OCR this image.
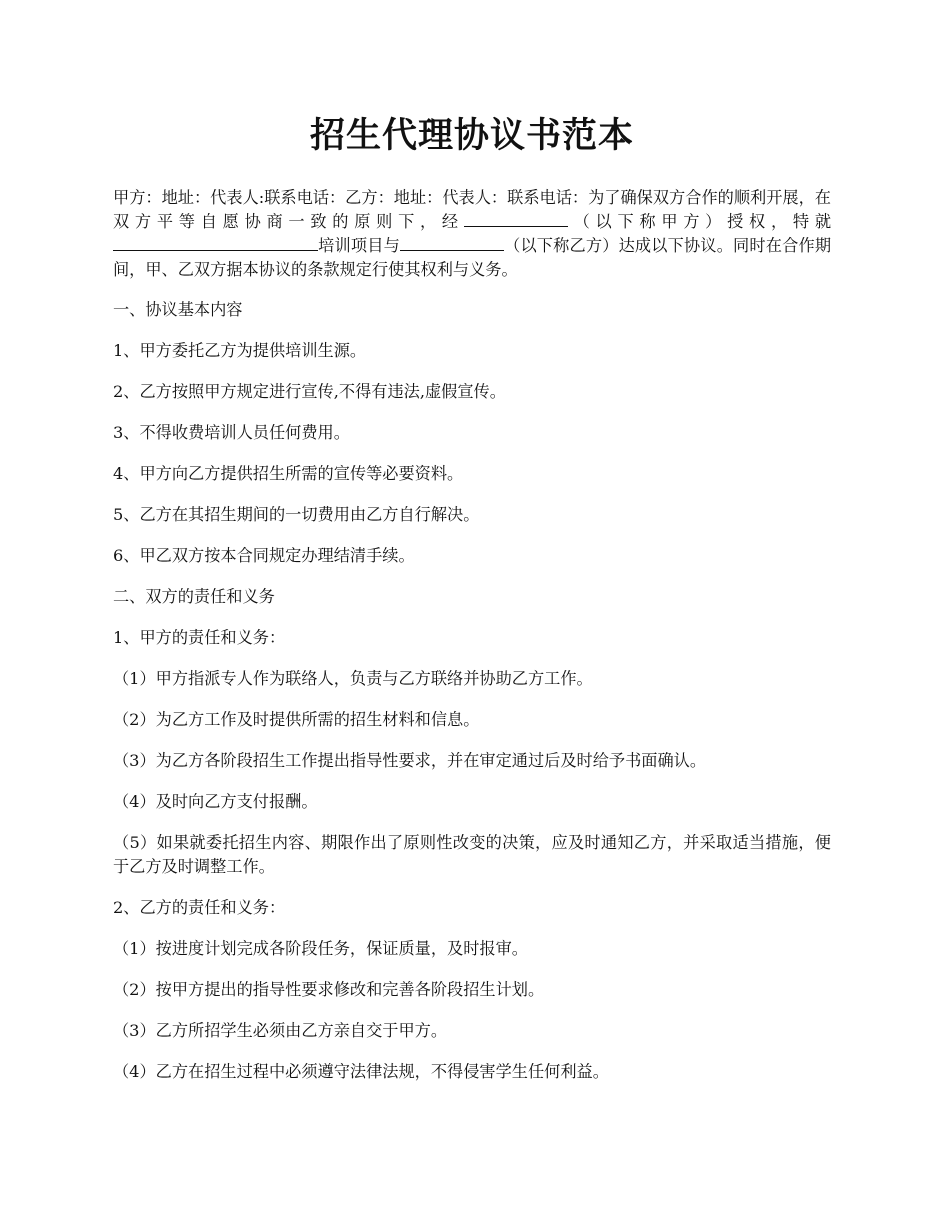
招生代理协议书范本

甲方：地址：代表人:联系电话：乙方：地址：代表人：联系电话：为了确保双方合作的顺利开展，在双方平等自愿协商一致的原则下，经	（以下称甲方）授权，特就培训项目与	（以下称乙方）达成以下协议。同时在合作期间，甲、乙双方据本协议的条款规定行使其权利与义务。

一、协议基本内容

1、甲方委托乙方为提供培训生源。

2、乙方按照甲方规定进行宣传,不得有违法,虚假宣传。

3、不得收费培训人员任何费用。

4、甲方向乙方提供招生所需的宣传等必要资料。

5、乙方在其招生期间的一切费用由乙方自行解决。

6、甲乙双方按本合同规定办理结清手续。

二、双方的责任和义务

1、甲方的责任和义务：

（1）甲方指派专人作为联络人，负责与乙方联络并协助乙方工作。

（2）为乙方工作及时提供所需的招生材料和信息。

（3）为乙方各阶段招生工作提出指导性要求，并在审定通过后及时给予书面确认。

（4）及时向乙方支付报酬。

（5）如果就委托招生内容、期限作出了原则性改变的决策，应及时通知乙方，并采取适当措施，便于乙方及时调整工作。

2、乙方的责任和义务：

（1）按进度计划完成各阶段任务，保证质量，及时报审。

（2）按甲方提出的指导性要求修改和完善各阶段招生计划。

（3）乙方所招学生必须由乙方亲自交于甲方。

（4）乙方在招生过程中必须遵守法律法规，不得侵害学生任何利益。
